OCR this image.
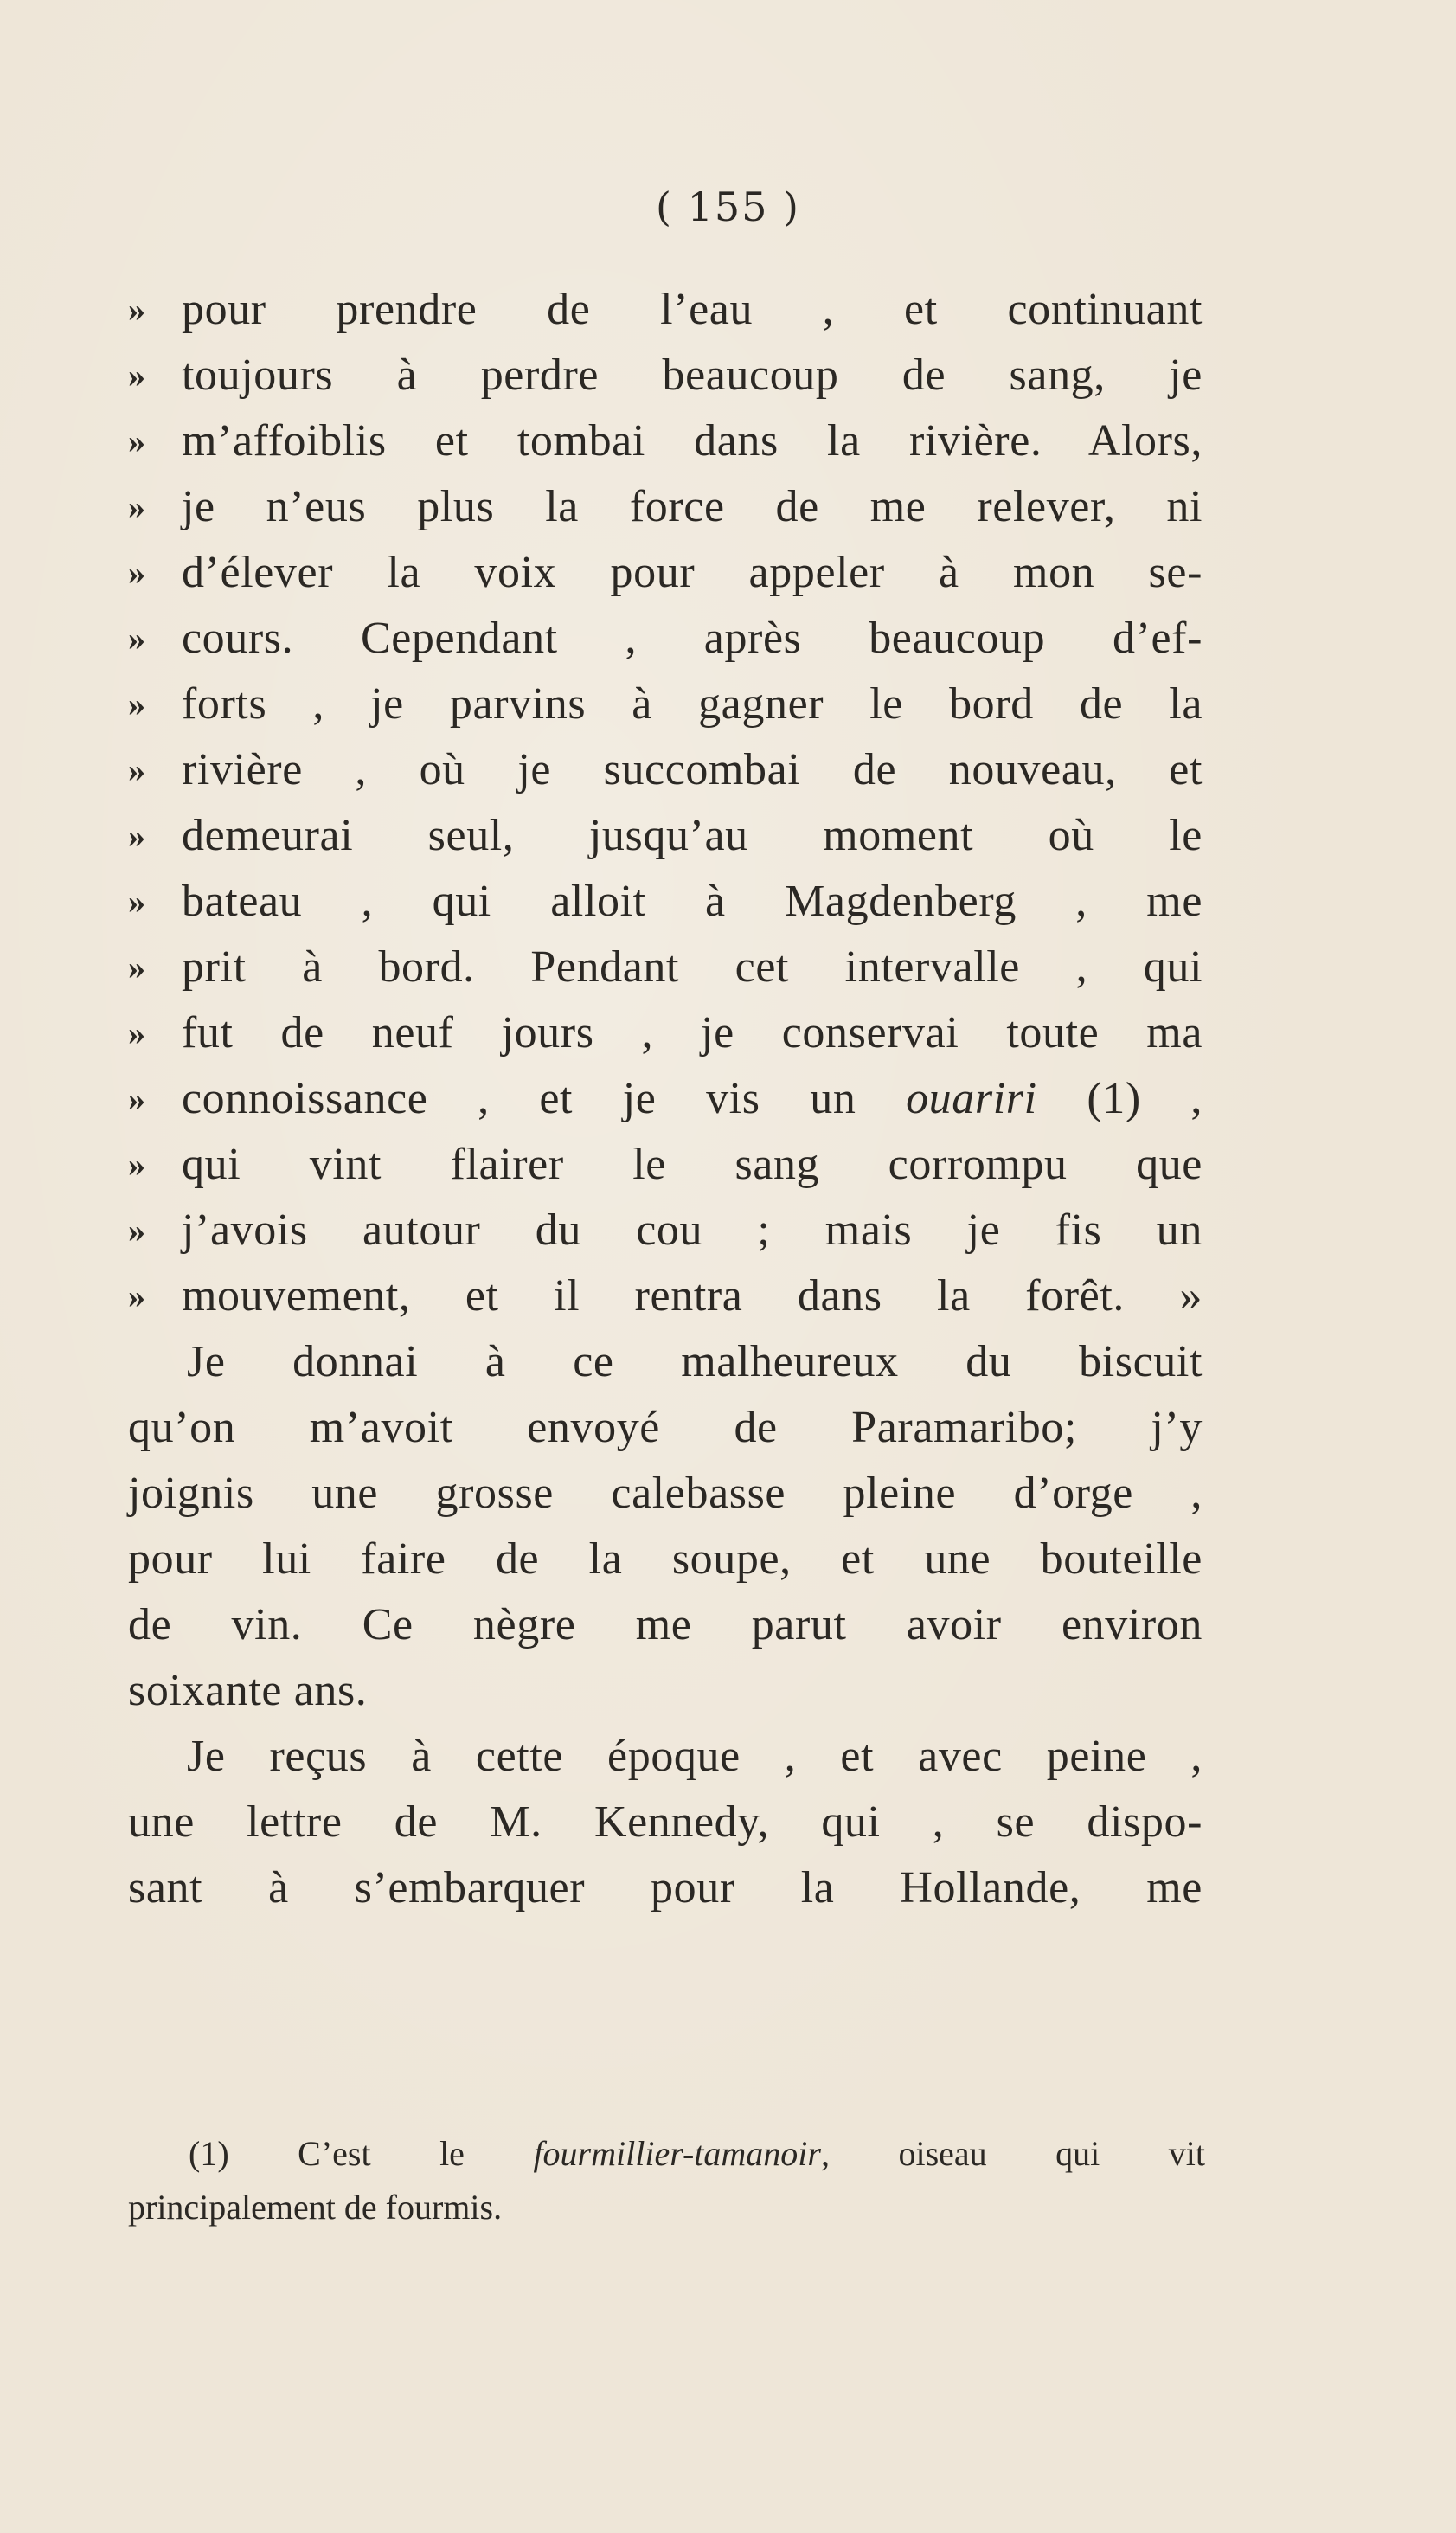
( 155 )
» pour prendre de l’eau , et continuant
» toujours à perdre beaucoup de sang, je
» m’affoiblis et tombai dans la rivière. Alors,
» je n’eus plus la force de me relever, ni
» d’élever la voix pour appeler à mon se-
» cours. Cependant , après beaucoup d’ef-
» forts , je parvins à gagner le bord de la
» rivière , où je succombai de nouveau, et
» demeurai seul, jusqu’au moment où le
» bateau , qui alloit à Magdenberg , me
» prit à bord. Pendant cet intervalle , qui
» fut de neuf jours , je conservai toute ma
» connoissance , et je vis un ouariri (1) ,
» qui vint flairer le sang corrompu que
» j’avois autour du cou ; mais je fis un
» mouvement, et il rentra dans la forêt. »
Je donnai à ce malheureux du biscuit
qu’on m’avoit envoyé de Paramaribo; j’y
joignis une grosse calebasse pleine d’orge ,
pour lui faire de la soupe, et une bouteille
de vin. Ce nègre me parut avoir environ
soixante ans.
Je reçus à cette époque , et avec peine ,
une lettre de M. Kennedy, qui , se dispo-
sant à s’embarquer pour la Hollande, me
(1) C’est le fourmillier-tamanoir, oiseau qui vit
principalement de fourmis.
